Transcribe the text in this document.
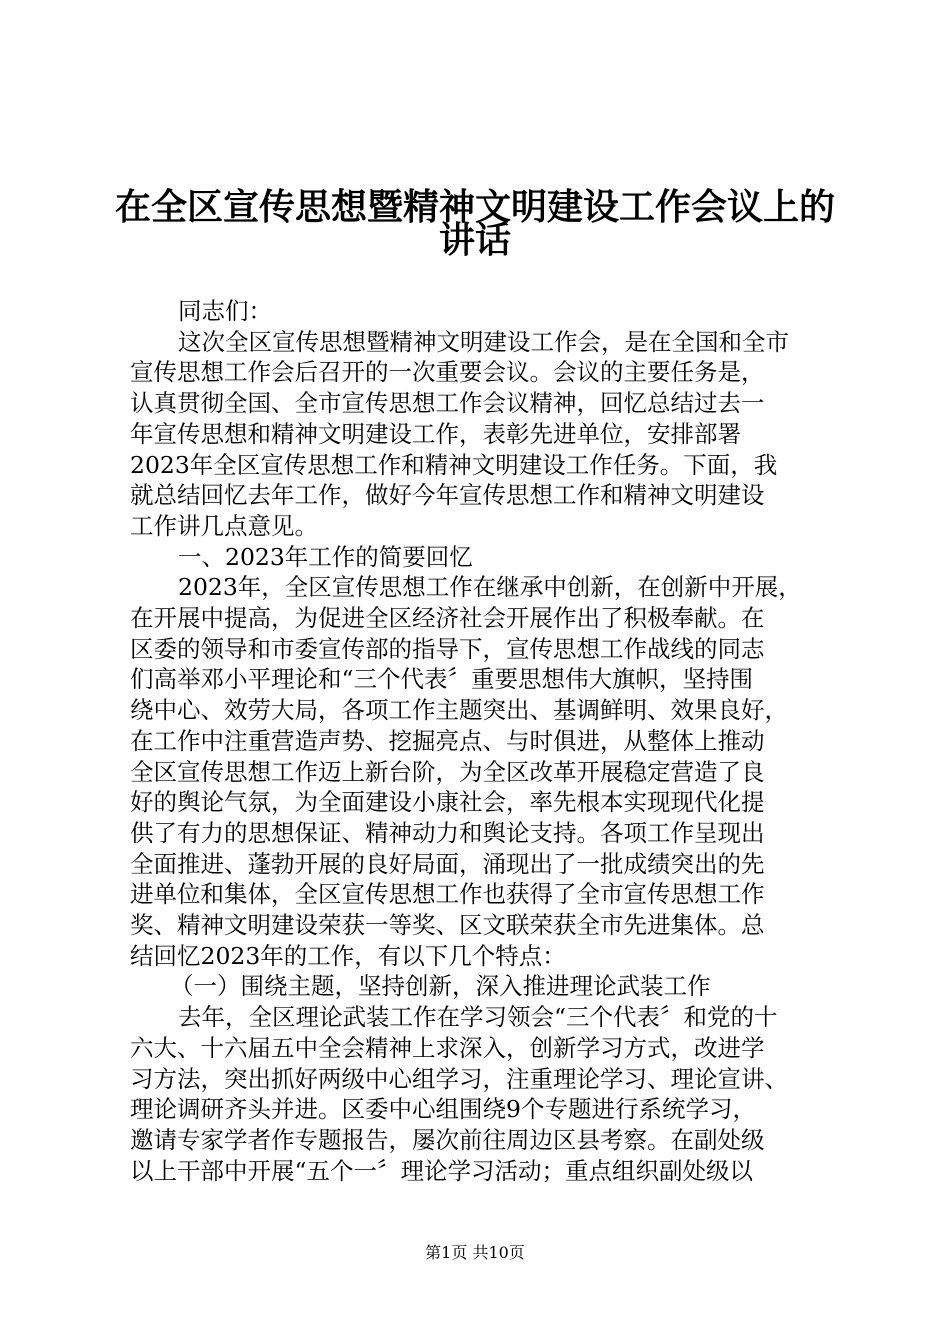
在全区宣传思想暨精神文明建设工作会议上的
讲话
同志们：
这次全区宣传思想暨精神文明建设工作会，是在全国和全市
宣传思想工作会后召开的一次重要会议。会议的主要任务是，
认真贯彻全国、全市宣传思想工作会议精神，回忆总结过去一
年宣传思想和精神文明建设工作，表彰先进单位，安排部署
2023年全区宣传思想工作和精神文明建设工作任务。下面，我
就总结回忆去年工作，做好今年宣传思想工作和精神文明建设
工作讲几点意见。
一、2023年工作的简要回忆
2023年，全区宣传思想工作在继承中创新，在创新中开展，
在开展中提高，为促进全区经济社会开展作出了积极奉献。在
区委的领导和市委宣传部的指导下，宣传思想工作战线的同志
们高举邓小平理论和“三个代表〞重要思想伟大旗帜，坚持围
绕中心、效劳大局，各项工作主题突出、基调鲜明、效果良好，
在工作中注重营造声势、挖掘亮点、与时俱进，从整体上推动
全区宣传思想工作迈上新台阶，为全区改革开展稳定营造了良
好的舆论气氛，为全面建设小康社会，率先根本实现现代化提
供了有力的思想保证、精神动力和舆论支持。各项工作呈现出
全面推进、蓬勃开展的良好局面，涌现出了一批成绩突出的先
进单位和集体，全区宣传思想工作也获得了全市宣传思想工作
奖、精神文明建设荣获一等奖、区文联荣获全市先进集体。总
结回忆2023年的工作，有以下几个特点：
（一）围绕主题，坚持创新，深入推进理论武装工作
去年，全区理论武装工作在学习领会“三个代表〞和党的十
六大、十六届五中全会精神上求深入，创新学习方式，改进学
习方法，突出抓好两级中心组学习，注重理论学习、理论宣讲、
理论调研齐头并进。区委中心组围绕9个专题进行系统学习，
邀请专家学者作专题报告，屡次前往周边区县考察。在副处级
以上干部中开展“五个一〞理论学习活动；重点组织副处级以
第1页 共10页
